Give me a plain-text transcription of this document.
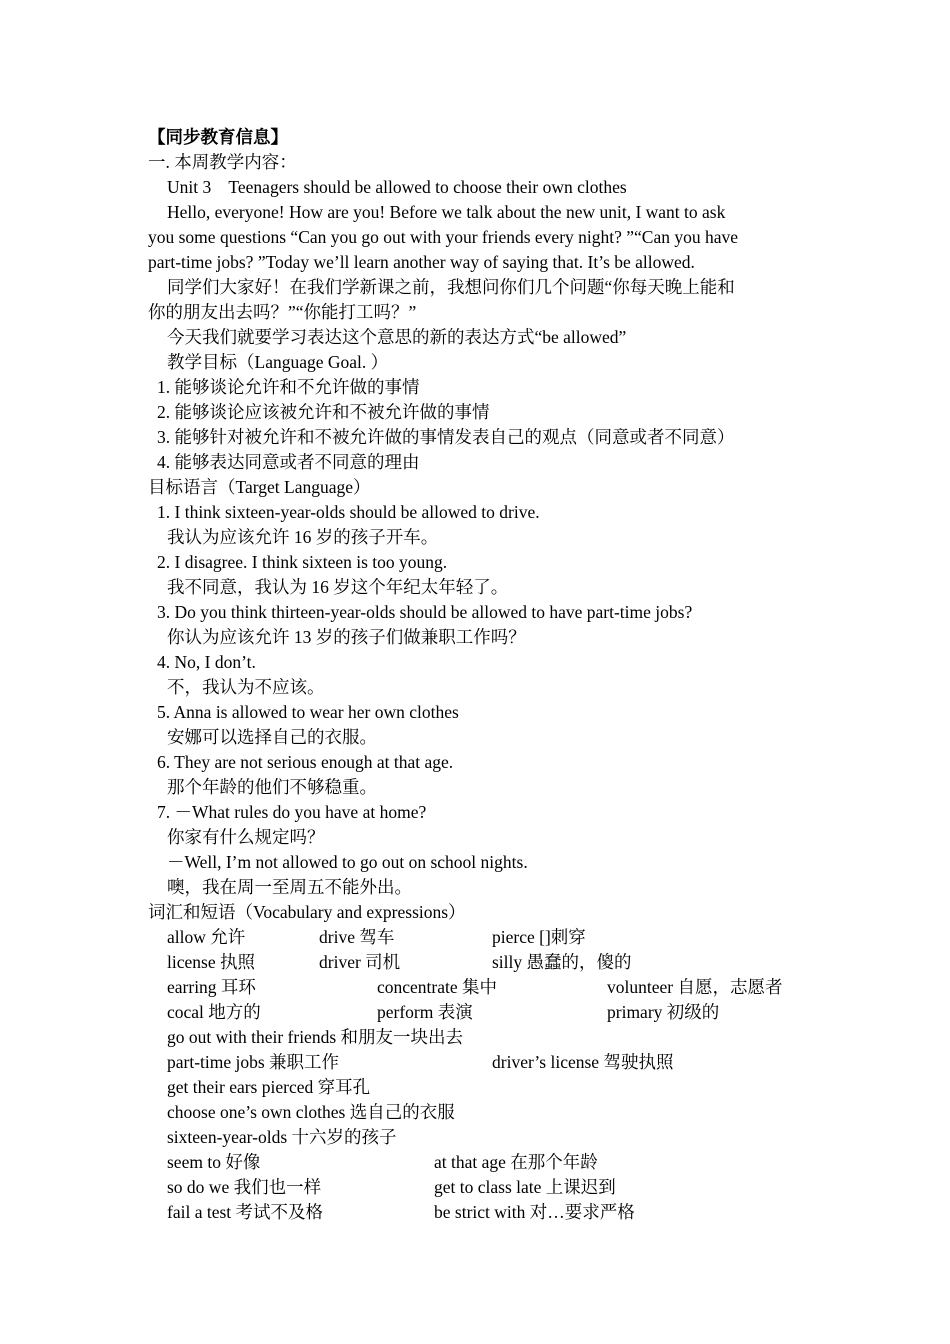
【同步教育信息】
一. 本周教学内容：
Unit 3    Teenagers should be allowed to choose their own clothes
Hello, everyone! How are you! Before we talk about the new unit, I want to ask
you some questions “Can you go out with your friends every night? ”“Can you have
part-time jobs? ”Today we’ll learn another way of saying that. It’s be allowed.
同学们大家好！在我们学新课之前，我想问你们几个问题“你每天晚上能和
你的朋友出去吗？”“你能打工吗？”
今天我们就要学习表达这个意思的新的表达方式“be allowed”
教学目标（Language Goal. ）
1. 能够谈论允许和不允许做的事情
2. 能够谈论应该被允许和不被允许做的事情
3. 能够针对被允许和不被允许做的事情发表自己的观点（同意或者不同意）
4. 能够表达同意或者不同意的理由
目标语言（Target Language）
1. I think sixteen-year-olds should be allowed to drive.
我认为应该允许 16 岁的孩子开车。
2. I disagree. I think sixteen is too young.
我不同意，我认为 16 岁这个年纪太年轻了。
3. Do you think thirteen-year-olds should be allowed to have part-time jobs?
你认为应该允许 13 岁的孩子们做兼职工作吗？
4. No, I don’t.
不，我认为不应该。
5. Anna is allowed to wear her own clothes
安娜可以选择自己的衣服。
6. They are not serious enough at that age.
那个年龄的他们不够稳重。
7. －What rules do you have at home?
你家有什么规定吗？
－Well, I’m not allowed to go out on school nights.
噢，我在周一至周五不能外出。
词汇和短语（Vocabulary and expressions）
allow 允许	drive 驾车	pierce []刺穿
license 执照	driver 司机	silly 愚蠢的，傻的
earring 耳环	concentrate 集中	volunteer 自愿，志愿者
cocal 地方的	perform 表演	primary 初级的
go out with their friends 和朋友一块出去
part-time jobs 兼职工作	driver’s license 驾驶执照
get their ears pierced 穿耳孔
choose one’s own clothes 选自己的衣服
sixteen-year-olds 十六岁的孩子
seem to 好像	at that age 在那个年龄
so do we 我们也一样	get to class late 上课迟到
fail a test 考试不及格	be strict with 对…要求严格
